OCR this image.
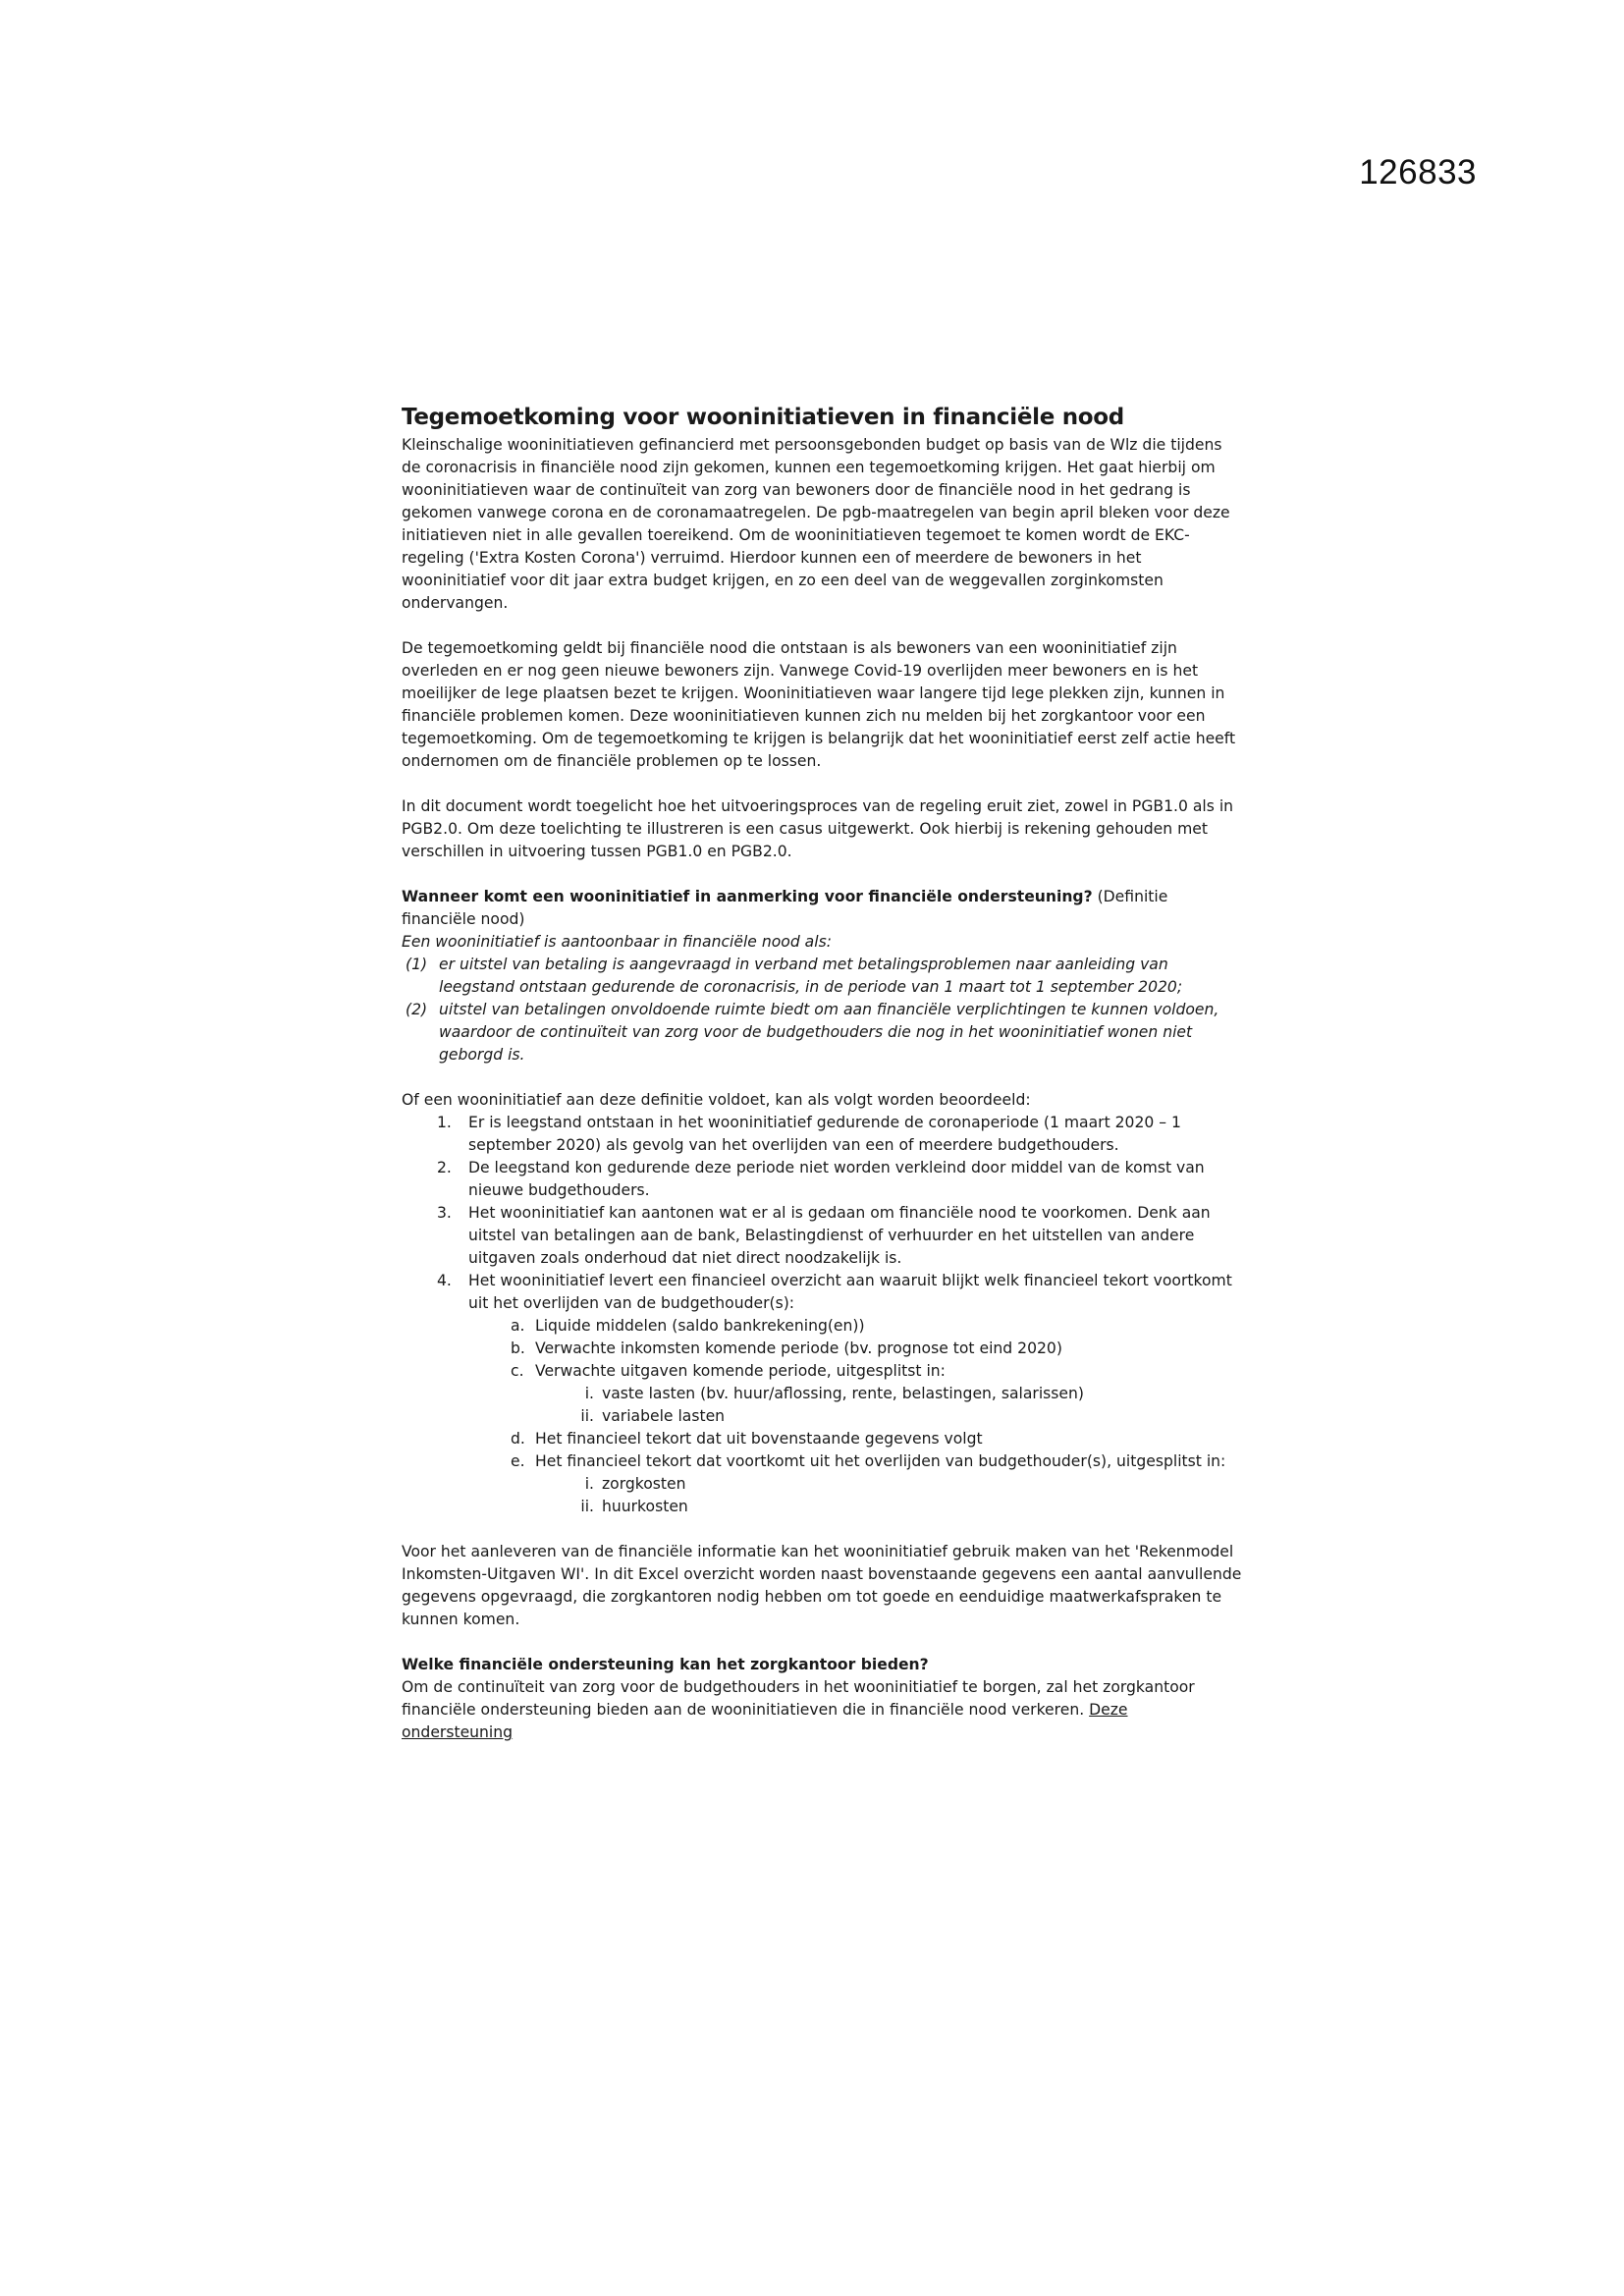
126833
Tegemoetkoming voor wooninitiatieven in financiële nood

Kleinschalige wooninitiatieven gefinancierd met persoonsgebonden budget op basis van de Wlz die tijdens de coronacrisis in financiële nood zijn gekomen, kunnen een tegemoetkoming krijgen. Het gaat hierbij om wooninitiatieven waar de continuïteit van zorg van bewoners door de financiële nood in het gedrang is gekomen vanwege corona en de coronamaatregelen. De pgb-maatregelen van begin april bleken voor deze initiatieven niet in alle gevallen toereikend. Om de wooninitiatieven tegemoet te komen wordt de EKC-regeling ('Extra Kosten Corona') verruimd. Hierdoor kunnen een of meerdere de bewoners in het wooninitiatief voor dit jaar extra budget krijgen, en zo een deel van de weggevallen zorginkomsten ondervangen.

De tegemoetkoming geldt bij financiële nood die ontstaan is als bewoners van een wooninitiatief zijn overleden en er nog geen nieuwe bewoners zijn. Vanwege Covid-19 overlijden meer bewoners en is het moeilijker de lege plaatsen bezet te krijgen. Wooninitiatieven waar langere tijd lege plekken zijn, kunnen in financiële problemen komen. Deze wooninitiatieven kunnen zich nu melden bij het zorgkantoor voor een tegemoetkoming. Om de tegemoetkoming te krijgen is belangrijk dat het wooninitiatief eerst zelf actie heeft ondernomen om de financiële problemen op te lossen.

In dit document wordt toegelicht hoe het uitvoeringsproces van de regeling eruit ziet, zowel in PGB1.0 als in PGB2.0. Om deze toelichting te illustreren is een casus uitgewerkt. Ook hierbij is rekening gehouden met verschillen in uitvoering tussen PGB1.0 en PGB2.0.

Wanneer komt een wooninitiatief in aanmerking voor financiële ondersteuning? (Definitie financiële nood)
Een wooninitiatief is aantoonbaar in financiële nood als:
(1) er uitstel van betaling is aangevraagd in verband met betalingsproblemen naar aanleiding van leegstand ontstaan gedurende de coronacrisis, in de periode van 1 maart tot 1 september 2020;
(2) uitstel van betalingen onvoldoende ruimte biedt om aan financiële verplichtingen te kunnen voldoen, waardoor de continuïteit van zorg voor de budgethouders die nog in het wooninitiatief wonen niet geborgd is.
Of een wooninitiatief aan deze definitie voldoet, kan als volgt worden beoordeeld:
1. Er is leegstand ontstaan in het wooninitiatief gedurende de coronaperiode (1 maart 2020 – 1 september 2020) als gevolg van het overlijden van een of meerdere budgethouders.
2. De leegstand kon gedurende deze periode niet worden verkleind door middel van de komst van nieuwe budgethouders.
3. Het wooninitiatief kan aantonen wat er al is gedaan om financiële nood te voorkomen. Denk aan uitstel van betalingen aan de bank, Belastingdienst of verhuurder en het uitstellen van andere uitgaven zoals onderhoud dat niet direct noodzakelijk is.
4. Het wooninitiatief levert een financieel overzicht aan waaruit blijkt welk financieel tekort voortkomt uit het overlijden van de budgethouder(s):
a. Liquide middelen (saldo bankrekening(en))
b. Verwachte inkomsten komende periode (bv. prognose tot eind 2020)
c. Verwachte uitgaven komende periode, uitgesplitst in:
i. vaste lasten (bv. huur/aflossing, rente, belastingen, salarissen)
ii. variabele lasten
d. Het financieel tekort dat uit bovenstaande gegevens volgt
e. Het financieel tekort dat voortkomt uit het overlijden van budgethouder(s), uitgesplitst in:
i. zorgkosten
ii. huurkosten

Voor het aanleveren van de financiële informatie kan het wooninitiatief gebruik maken van het 'Rekenmodel Inkomsten-Uitgaven WI'. In dit Excel overzicht worden naast bovenstaande gegevens een aantal aanvullende gegevens opgevraagd, die zorgkantoren nodig hebben om tot goede en eenduidige maatwerkafspraken te kunnen komen.

Welke financiële ondersteuning kan het zorgkantoor bieden?
Om de continuïteit van zorg voor de budgethouders in het wooninitiatief te borgen, zal het zorgkantoor financiële ondersteuning bieden aan de wooninitiatieven die in financiële nood verkeren. Deze ondersteuning
